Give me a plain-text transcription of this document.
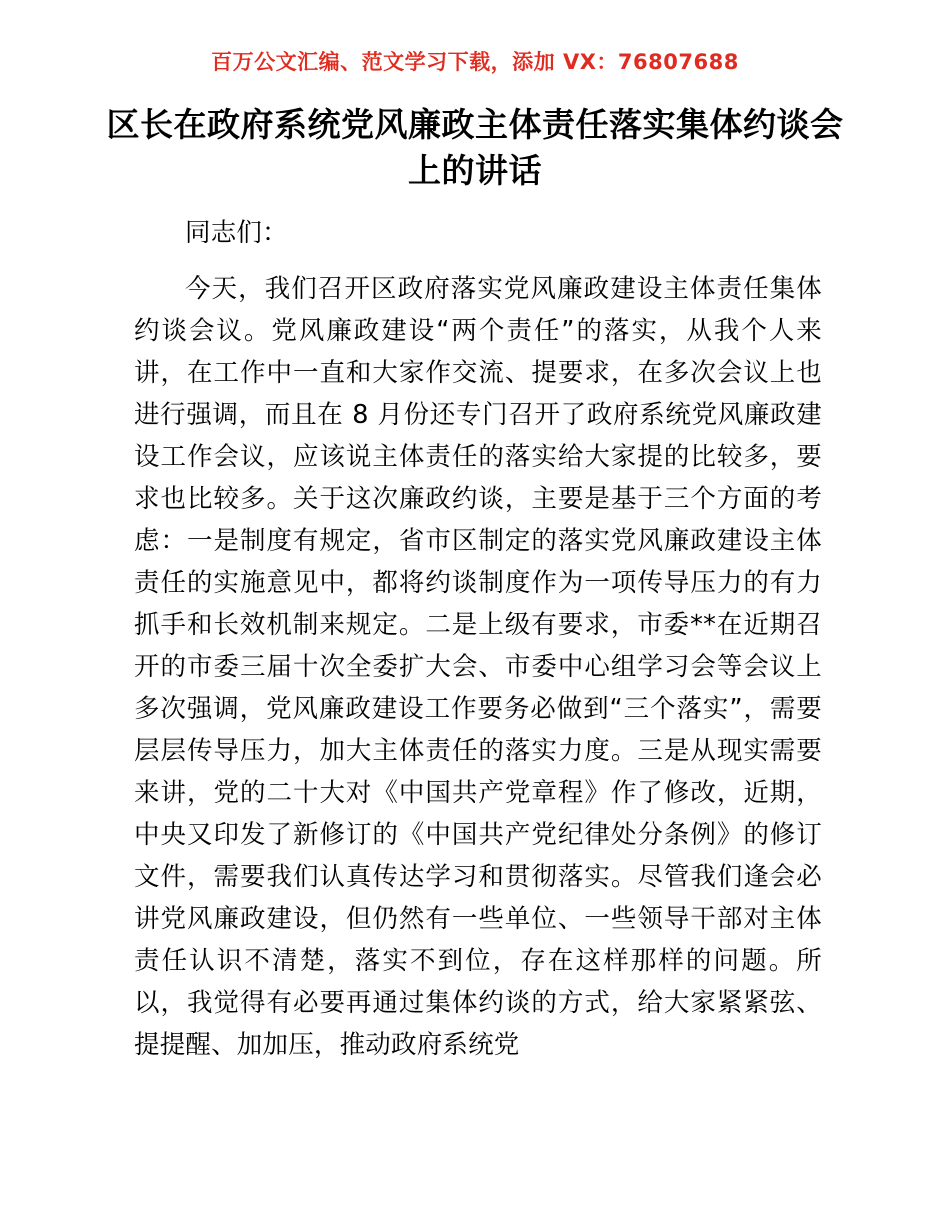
百万公文汇编、范文学习下载，添加 VX：76807688
区长在政府系统党风廉政主体责任落实集体约谈会上的讲话

同志们：

今天，我们召开区政府落实党风廉政建设主体责任集体约谈会议。党风廉政建设“两个责任”的落实，从我个人来讲，在工作中一直和大家作交流、提要求，在多次会议上也进行强调，而且在 8 月份还专门召开了政府系统党风廉政建设工作会议，应该说主体责任的落实给大家提的比较多，要求也比较多。关于这次廉政约谈，主要是基于三个方面的考虑：一是制度有规定，省市区制定的落实党风廉政建设主体责任的实施意见中，都将约谈制度作为一项传导压力的有力抓手和长效机制来规定。二是上级有要求，市委**在近期召开的市委三届十次全委扩大会、市委中心组学习会等会议上多次强调，党风廉政建设工作要务必做到“三个落实”，需要层层传导压力，加大主体责任的落实力度。三是从现实需要来讲，党的二十大对《中国共产党章程》作了修改，近期，中央又印发了新修订的《中国共产党纪律处分条例》的修订文件，需要我们认真传达学习和贯彻落实。尽管我们逢会必讲党风廉政建设，但仍然有一些单位、一些领导干部对主体责任认识不清楚，落实不到位，存在这样那样的问题。所以，我觉得有必要再通过集体约谈的方式，给大家紧紧弦、提提醒、加加压，推动政府系统党
